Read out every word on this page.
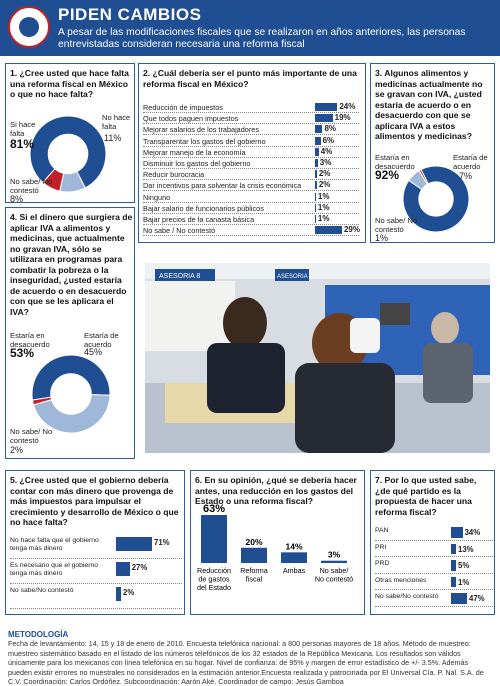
PIDEN CAMBIOS
A pesar de las modificaciones fiscales que se realizaron en años anteriores, las personas entrevistadas consideran necesaria una reforma fiscal
1. ¿Cree usted que hace falta una reforma fiscal en México o que no hace falta?
Si hace falta
81%
No hace falta
11%
No sabe/ No contestó
8%
2. ¿Cuál debería ser el punto más importante de una reforma fiscal en México?
Reducción de impuestos	24%
Que todos paguen impuestos	19%
Mejorar salarios de los trabajadores	8%
Transparentar los gastos del gobierno	6%
Mejorar manejo de la economía	4%
Disminuir los gastos del gobierno	3%
Reducir burocracia	2%
Dar incentivos para solventar la crisis económica 2%
Ninguno	1%
Bajar salario de funcionarios públicos	1%
Bajar precios de la canasta básica	1%
No sabe / No contestó	29%
3. Algunos alimentos y medicinas actualmente no se gravan con IVA, ¿usted estaría de acuerdo o en desacuerdo con que se aplicara IVA a estos alimentos y medicinas?
Estaría en desacuerdo
92%
Estaría de acuerdo
7%
No sabe/ No contestó
1%
4. Si el dinero que surgiera de aplicar IVA a alimentos y medicinas, que actualmente no gravan IVA, sólo se utilizara en programas para combatir la pobreza o la inseguridad, ¿usted estaría de acuerdo o en desacuerdo con que se les aplicara el IVA?
Estaría en desacuerdo
53%
Estaría de acuerdo
45%
No sabe/ No contestó
2%
ASESORIA 8	ASESORIA 9
5. ¿Cree usted que el gobierno debería contar con más dinero que provenga de más impuestos para impulsar el crecimiento y desarrollo de México o que no hace falta?
No hace falta que el gobierno tenga más dinero
71%
Es necesario que el gobierno tenga más dinero
27%
No sabe/No contestó	2%
6. En su opinión, ¿qué se debería hacer antes, una reducción en los gastos del Estado o una reforma fiscal?
63%
Reducción
de gastos
del Estado
20%
Reforma
fiscal
14%
Ambas
3%
No sabe/
No contestó
7. Por lo que usted sabe, ¿de qué partido es la propuesta de hacer una reforma fiscal?
PAN	34%
PRI	13%
PRD	5%
Otras menciones	1%
No sabe/No contestó	47%
METODOLOGÍA
Fecha de levantamiento: 14, 15 y 18 de enero de 2010. Encuesta telefónica nacional: a 800 personas mayores de 18 años. Método de muestreo: muestreo sistemático basado en el listado de los números telefónicos de los 32 estados de la República Mexicana. Los resultados son válidos únicamente para los mexicanos con línea telefónica en su hogar. Nivel de confianza: de 95% y margen de error estadístico de +/- 3.5%. Además pueden existir errores no muestrales no considerados en la estimación anterior.Encuesta realizada y patrocinada por El Universal Cía. P. Nal. S.A. de C.V. Coordinación: Carlos Ordóñez. Subcoordinación: Aarón Aké. Coordinador de campo: Jesús Gamboa
